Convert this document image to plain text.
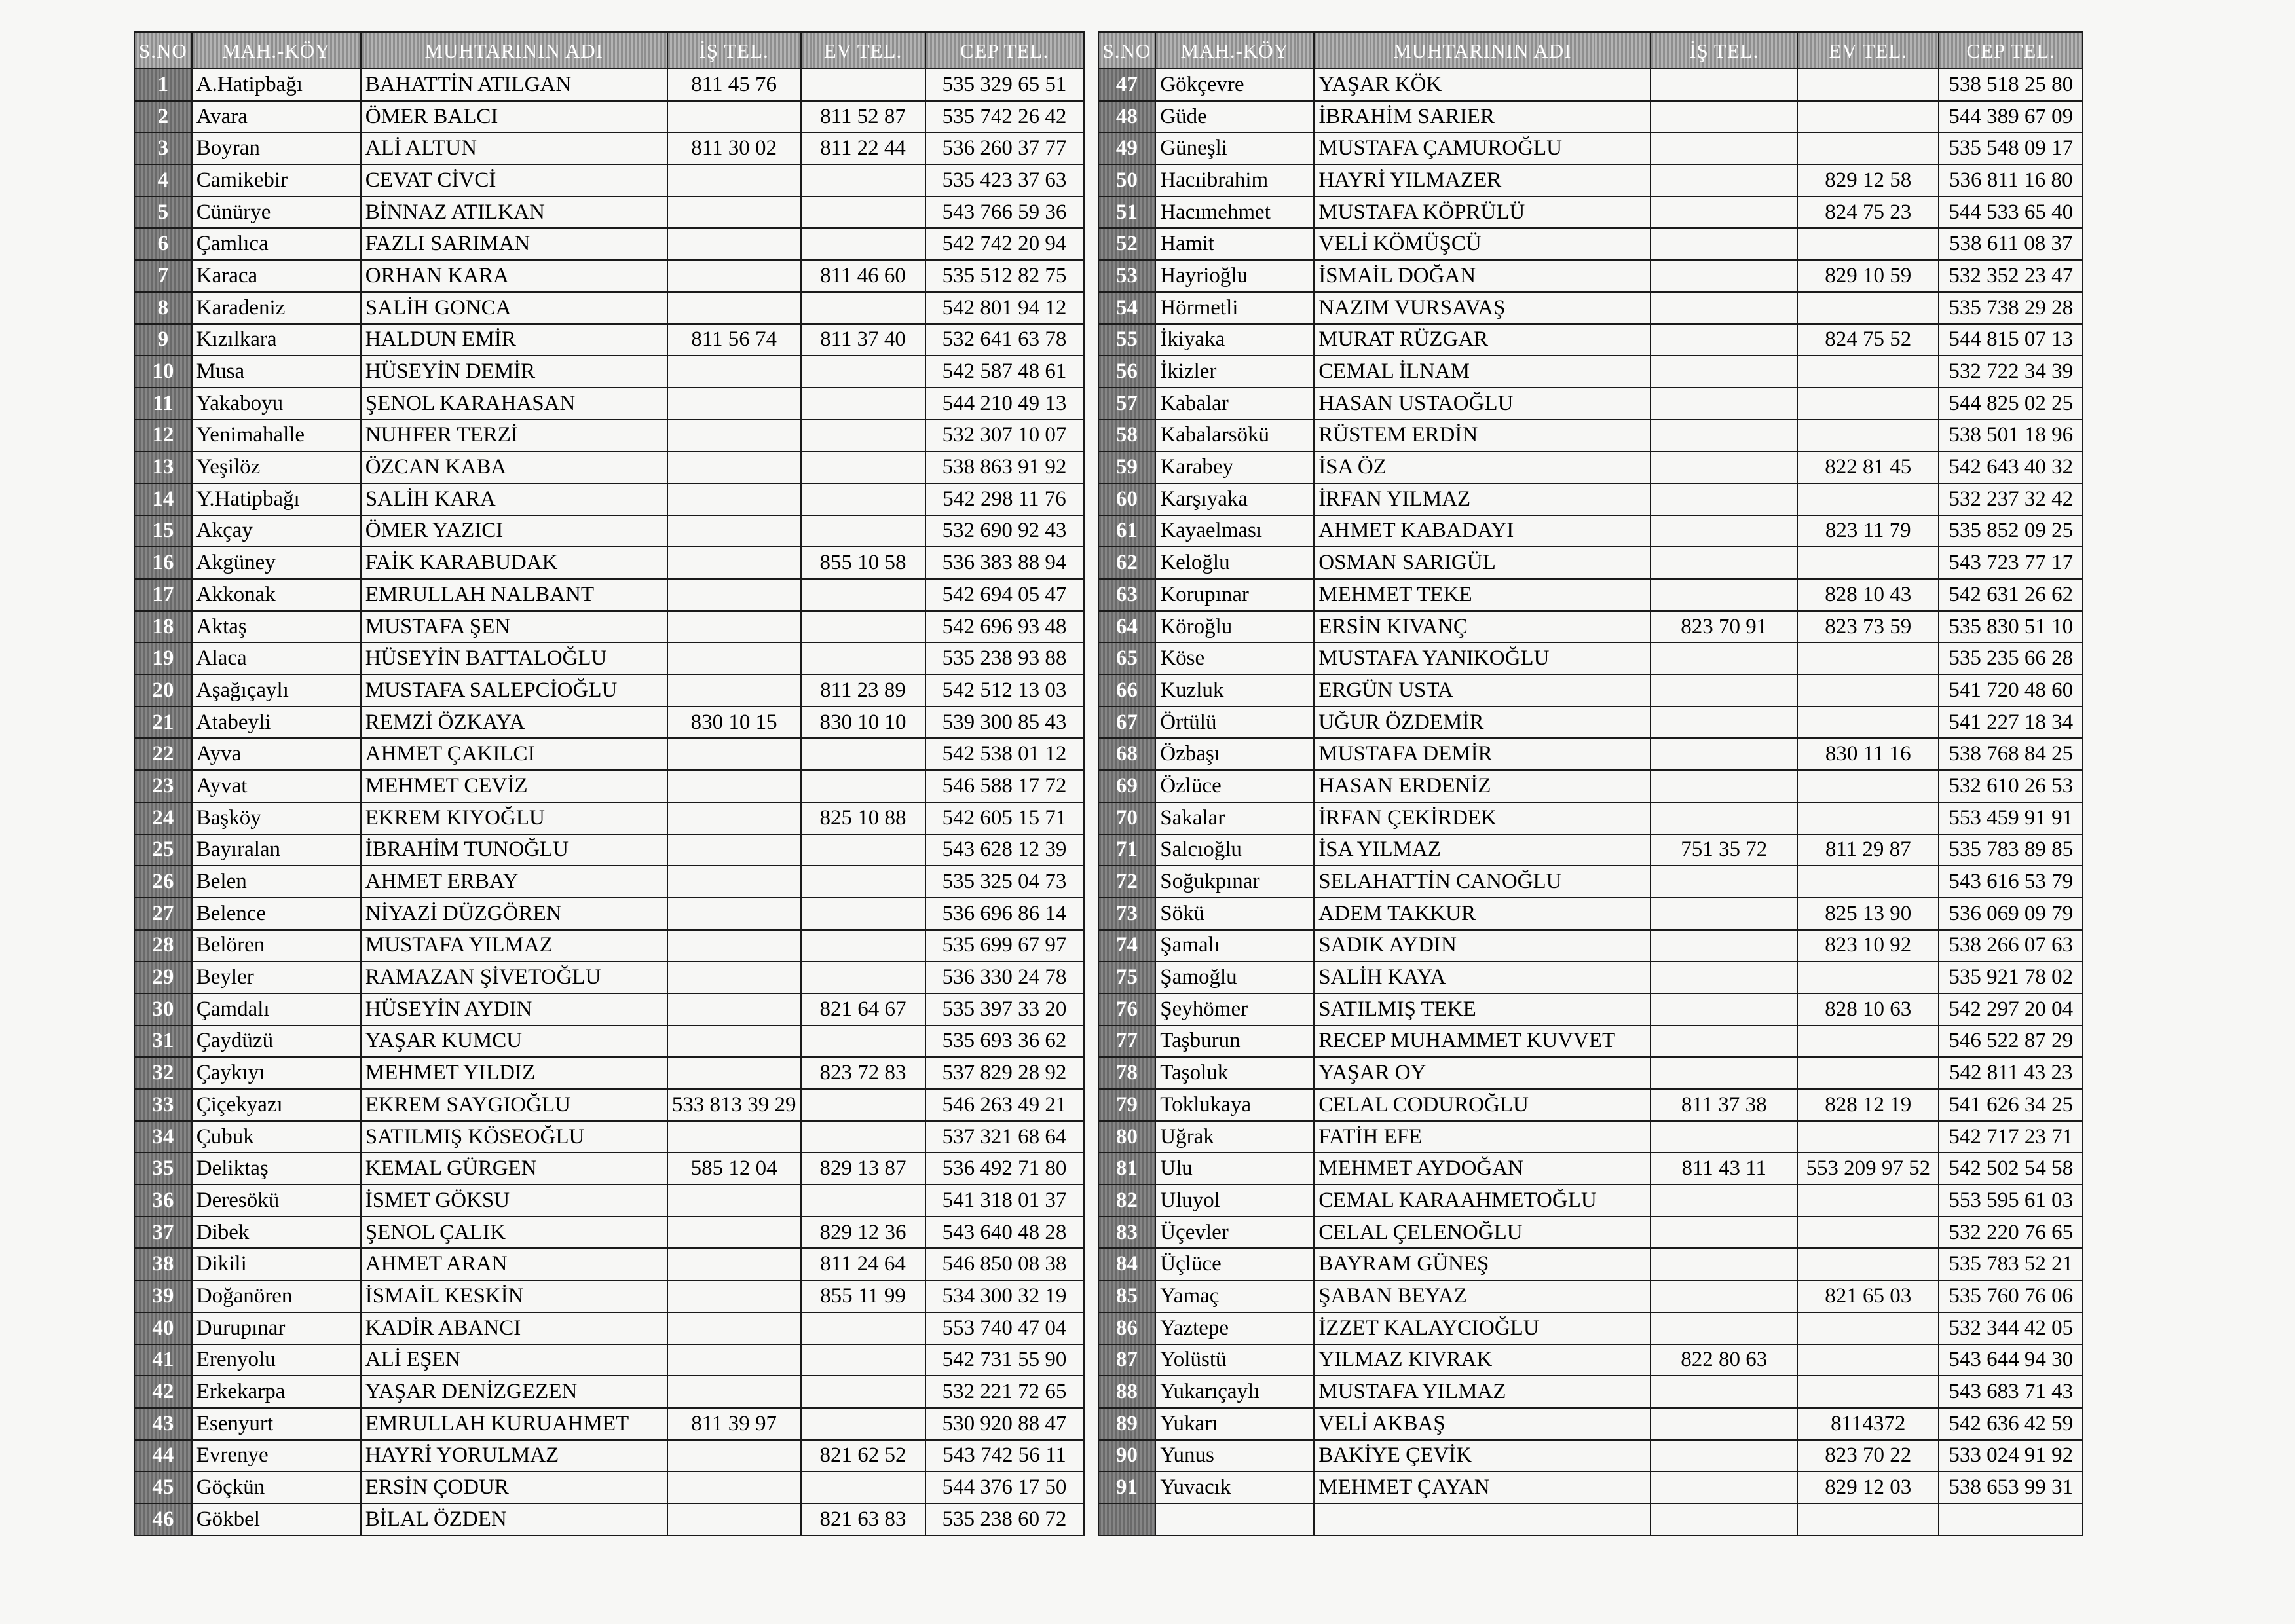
S.NO	MAH.-KÖY	MUHTARININ ADI	İŞ TEL.	EV TEL.	CEP TEL.
1	A.Hatipbağı	BAHATTİN ATILGAN	811 45 76		535 329 65 51
2	Avara	ÖMER BALCI		811 52 87	535 742 26 42
3	Boyran	ALİ ALTUN	811 30 02	811 22 44	536 260 37 77
4	Camikebir	CEVAT CİVCİ			535 423 37 63
5	Cünürye	BİNNAZ ATILKAN			543 766 59 36
6	Çamlıca	FAZLI SARIMAN			542 742 20 94
7	Karaca	ORHAN KARA		811 46 60	535 512 82 75
8	Karadeniz	SALİH GONCA			542 801 94 12
9	Kızılkara	HALDUN EMİR	811 56 74	811 37 40	532 641 63 78
10	Musa	HÜSEYİN DEMİR			542 587 48 61
11	Yakaboyu	ŞENOL KARAHASAN			544 210 49 13
12	Yenimahalle	NUHFER TERZİ			532 307 10 07
13	Yeşilöz	ÖZCAN KABA			538 863 91 92
14	Y.Hatipbağı	SALİH KARA			542 298 11 76
15	Akçay	ÖMER YAZICI			532 690 92 43
16	Akgüney	FAİK KARABUDAK		855 10 58	536 383 88 94
17	Akkonak	EMRULLAH NALBANT			542 694 05 47
18	Aktaş	MUSTAFA ŞEN			542 696 93 48
19	Alaca	HÜSEYİN BATTALOĞLU			535 238 93 88
20	Aşağıçaylı	MUSTAFA SALEPCİOĞLU		811 23 89	542 512 13 03
21	Atabeyli	REMZİ ÖZKAYA	830 10 15	830 10 10	539 300 85 43
22	Ayva	AHMET ÇAKILCI			542 538 01 12
23	Ayvat	MEHMET CEVİZ			546 588 17 72
24	Başköy	EKREM KIYOĞLU		825 10 88	542 605 15 71
25	Bayıralan	İBRAHİM TUNOĞLU			543 628 12 39
26	Belen	AHMET ERBAY			535 325 04 73
27	Belence	NİYAZİ DÜZGÖREN			536 696 86 14
28	Belören	MUSTAFA YILMAZ			535 699 67 97
29	Beyler	RAMAZAN ŞİVETOĞLU			536 330 24 78
30	Çamdalı	HÜSEYİN AYDIN		821 64 67	535 397 33 20
31	Çaydüzü	YAŞAR KUMCU			535 693 36 62
32	Çaykıyı	MEHMET YILDIZ		823 72 83	537 829 28 92
33	Çiçekyazı	EKREM SAYGIOĞLU	533 813 39 29		546 263 49 21
34	Çubuk	SATILMIŞ KÖSEOĞLU			537 321 68 64
35	Deliktaş	KEMAL GÜRGEN	585 12 04	829 13 87	536 492 71 80
36	Deresökü	İSMET GÖKSU			541 318 01 37
37	Dibek	ŞENOL ÇALIK		829 12 36	543 640 48 28
38	Dikili	AHMET ARAN		811 24 64	546 850 08 38
39	Doğanören	İSMAİL KESKİN		855 11 99	534 300 32 19
40	Durupınar	KADİR ABANCI			553 740 47 04
41	Erenyolu	ALİ EŞEN			542 731 55 90
42	Erkekarpa	YAŞAR DENİZGEZEN			532 221 72 65
43	Esenyurt	EMRULLAH KURUAHMET	811 39 97		530 920 88 47
44	Evrenye	HAYRİ YORULMAZ		821 62 52	543 742 56 11
45	Göçkün	ERSİN ÇODUR			544 376 17 50
46	Gökbel	BİLAL ÖZDEN		821 63 83	535 238 60 72
S.NO	MAH.-KÖY	MUHTARININ ADI	İŞ TEL.	EV TEL.	CEP TEL.
47	Gökçevre	YAŞAR KÖK			538 518 25 80
48	Güde	İBRAHİM SARIER			544 389 67 09
49	Güneşli	MUSTAFA ÇAMUROĞLU			535 548 09 17
50	Hacıibrahim	HAYRİ YILMAZER		829 12 58	536 811 16 80
51	Hacımehmet	MUSTAFA KÖPRÜLÜ		824 75 23	544 533 65 40
52	Hamit	VELİ KÖMÜŞCÜ			538 611 08 37
53	Hayrioğlu	İSMAİL DOĞAN		829 10 59	532 352 23 47
54	Hörmetli	NAZIM VURSAVAŞ			535 738 29 28
55	İkiyaka	MURAT RÜZGAR		824 75 52	544 815 07 13
56	İkizler	CEMAL İLNAM			532 722 34 39
57	Kabalar	HASAN USTAOĞLU			544 825 02 25
58	Kabalarsökü	RÜSTEM ERDİN			538 501 18 96
59	Karabey	İSA ÖZ		822 81 45	542 643 40 32
60	Karşıyaka	İRFAN YILMAZ			532 237 32 42
61	Kayaelması	AHMET KABADAYI		823 11 79	535 852 09 25
62	Keloğlu	OSMAN SARIGÜL			543 723 77 17
63	Korupınar	MEHMET TEKE		828 10 43	542 631 26 62
64	Köroğlu	ERSİN KIVANÇ	823 70 91	823 73 59	535 830 51 10
65	Köse	MUSTAFA YANIKOĞLU			535 235 66 28
66	Kuzluk	ERGÜN USTA			541 720 48 60
67	Örtülü	UĞUR ÖZDEMİR			541 227 18 34
68	Özbaşı	MUSTAFA DEMİR		830 11 16	538 768 84 25
69	Özlüce	HASAN ERDENİZ			532 610 26 53
70	Sakalar	İRFAN ÇEKİRDEK			553 459 91 91
71	Salcıoğlu	İSA YILMAZ	751 35 72	811 29 87	535 783 89 85
72	Soğukpınar	SELAHATTİN CANOĞLU			543 616 53 79
73	Sökü	ADEM TAKKUR		825 13 90	536 069 09 79
74	Şamalı	SADIK AYDIN		823 10 92	538 266 07 63
75	Şamoğlu	SALİH KAYA			535 921 78 02
76	Şeyhömer	SATILMIŞ TEKE		828 10 63	542 297 20 04
77	Taşburun	RECEP MUHAMMET KUVVET			546 522 87 29
78	Taşoluk	YAŞAR OY			542 811 43 23
79	Toklukaya	CELAL CODUROĞLU	811 37 38	828 12 19	541 626 34 25
80	Uğrak	FATİH EFE			542 717 23 71
81	Ulu	MEHMET AYDOĞAN	811 43 11	553 209 97 52	542 502 54 58
82	Uluyol	CEMAL KARAAHMETOĞLU			553 595 61 03
83	Üçevler	CELAL ÇELENOĞLU			532 220 76 65
84	Üçlüce	BAYRAM GÜNEŞ			535 783 52 21
85	Yamaç	ŞABAN BEYAZ		821 65 03	535 760 76 06
86	Yaztepe	İZZET KALAYCIOĞLU			532 344 42 05
87	Yolüstü	YILMAZ KIVRAK	822 80 63		543 644 94 30
88	Yukarıçaylı	MUSTAFA YILMAZ			543 683 71 43
89	Yukarı	VELİ AKBAŞ		8114372	542 636 42 59
90	Yunus	BAKİYE ÇEVİK		823 70 22	533 024 91 92
91	Yuvacık	MEHMET ÇAYAN		829 12 03	538 653 99 31
